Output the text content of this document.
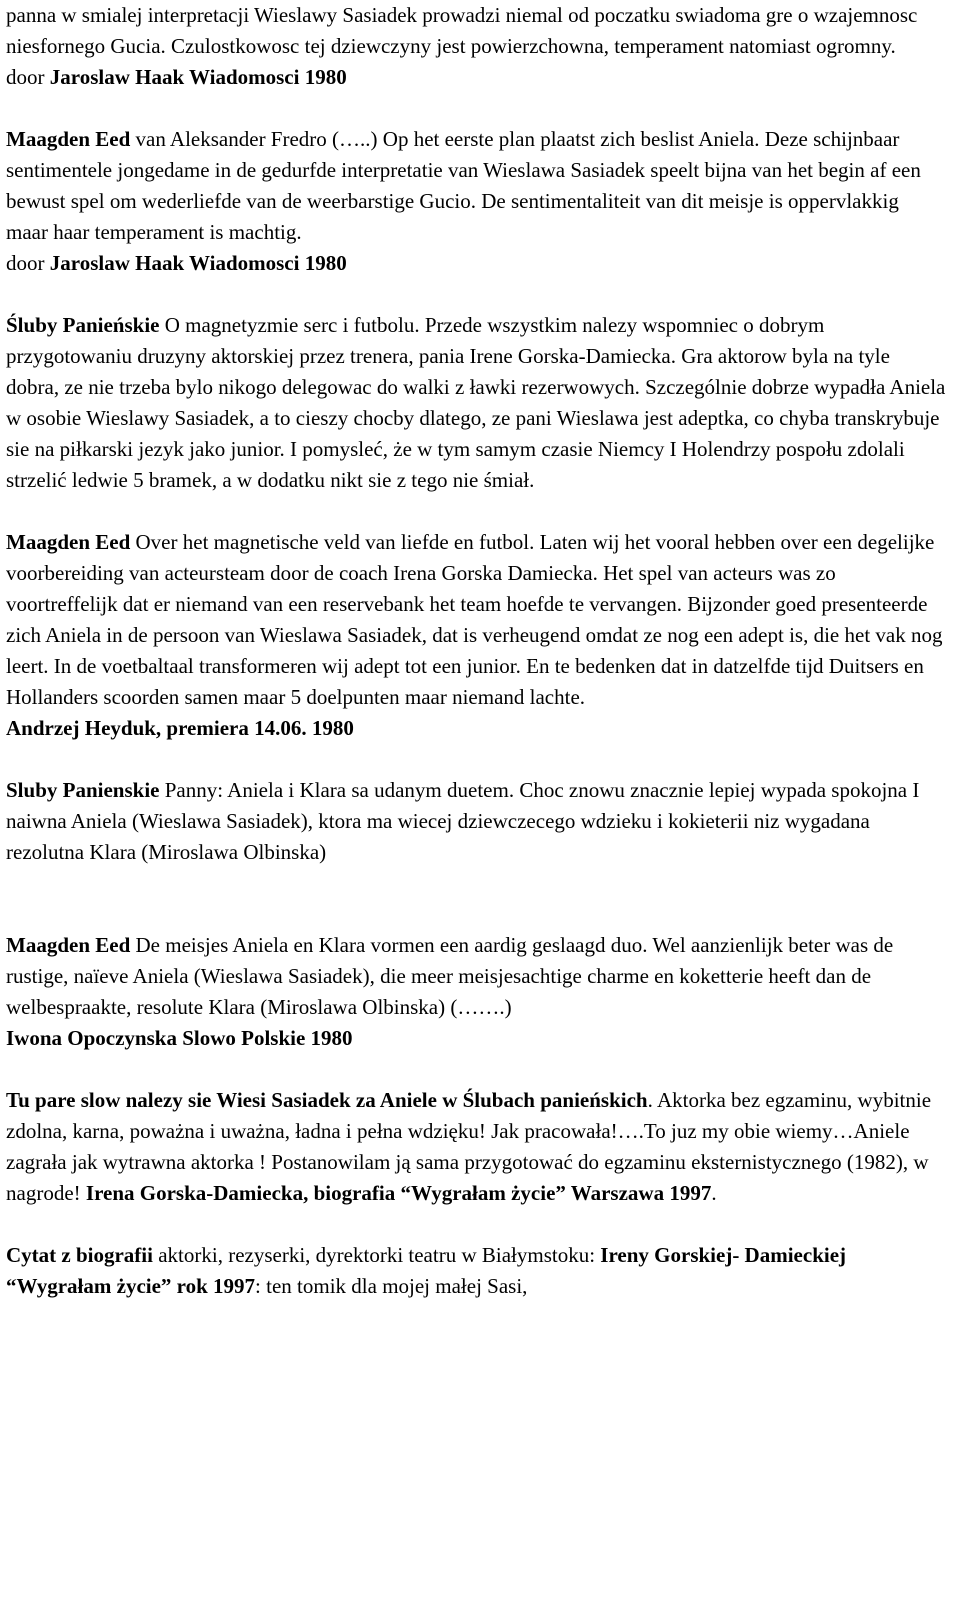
panna w smialej interpretacji Wieslawy Sasiadek prowadzi niemal od poczatku swiadoma gre o wzajemnosc niesfornego Gucia. Czulostkowosc tej dziewczyny jest powierzchowna, temperament natomiast ogromny.

door Jaroslaw Haak Wiadomosci 1980

Maagden Eed van Aleksander Fredro (…..) Op het eerste plan plaatst zich beslist Aniela. Deze schijnbaar sentimentele jongedame in de gedurfde interpretatie van Wieslawa Sasiadek speelt bijna van het begin af een bewust spel om wederliefde van de weerbarstige Gucio. De sentimentaliteit van dit meisje is oppervlakkig maar haar temperament is machtig.

door Jaroslaw Haak Wiadomosci 1980

Śluby Panieńskie O magnetyzmie serc i futbolu. Przede wszystkim nalezy wspomniec o dobrym przygotowaniu druzyny aktorskiej przez trenera, pania Irene Gorska-Damiecka. Gra aktorow byla na tyle dobra, ze nie trzeba bylo nikogo delegowac do walki z ławki rezerwowych. Szczególnie dobrze wypadła Aniela w osobie Wieslawy Sasiadek, a to cieszy chocby dlatego, ze pani Wieslawa jest adeptka, co chyba transkrybuje sie na piłkarski jezyk jako junior. I pomysleć, że w tym samym czasie Niemcy I Holendrzy pospołu zdolali strzelić ledwie 5 bramek, a w dodatku nikt sie z tego nie śmiał.

Maagden Eed Over het magnetische veld van liefde en futbol. Laten wij het vooral hebben over een degelijke voorbereiding van acteursteam door de coach Irena Gorska Damiecka. Het spel van acteurs was zo voortreffelijk dat er niemand van een reservebank het team hoefde te vervangen. Bijzonder goed presenteerde zich Aniela in de persoon van Wieslawa Sasiadek, dat is verheugend omdat ze nog een adept is, die het vak nog leert. In de voetbaltaal transformeren wij adept tot een junior. En te bedenken dat in datzelfde tijd Duitsers en Hollanders scoorden samen maar 5 doelpunten maar niemand lachte.

Andrzej Heyduk, premiera 14.06. 1980

Sluby Panienskie Panny: Aniela i Klara sa udanym duetem. Choc znowu znacznie lepiej wypada spokojna I naiwna Aniela (Wieslawa Sasiadek), ktora ma wiecej dziewczecego wdzieku i kokieterii niz wygadana rezolutna Klara (Miroslawa Olbinska)

Maagden Eed De meisjes Aniela en Klara vormen een aardig geslaagd duo. Wel aanzienlijk beter was de rustige, naïeve Aniela (Wieslawa Sasiadek), die meer meisjesachtige charme en koketterie heeft dan de welbespraakte, resolute Klara (Miroslawa Olbinska) (…….)

Iwona Opoczynska Slowo Polskie 1980

Tu pare slow nalezy sie Wiesi Sasiadek za Aniele w Ślubach panieńskich. Aktorka bez egzaminu, wybitnie zdolna, karna, poważna i uważna, ładna i pełna wdzięku! Jak pracowała!….To juz my obie wiemy…Aniele zagrała jak wytrawna aktorka ! Postanowilam ją sama przygotować do egzaminu eksternistycznego (1982), w nagrode! Irena Gorska-Damiecka, biografia “Wygrałam życie” Warszawa 1997.

Cytat z biografii aktorki, rezyserki, dyrektorki teatru w Białymstoku: Ireny Gorskiej- Damieckiej “Wygrałam życie” rok 1997: ten tomik dla mojej małej Sasi,
